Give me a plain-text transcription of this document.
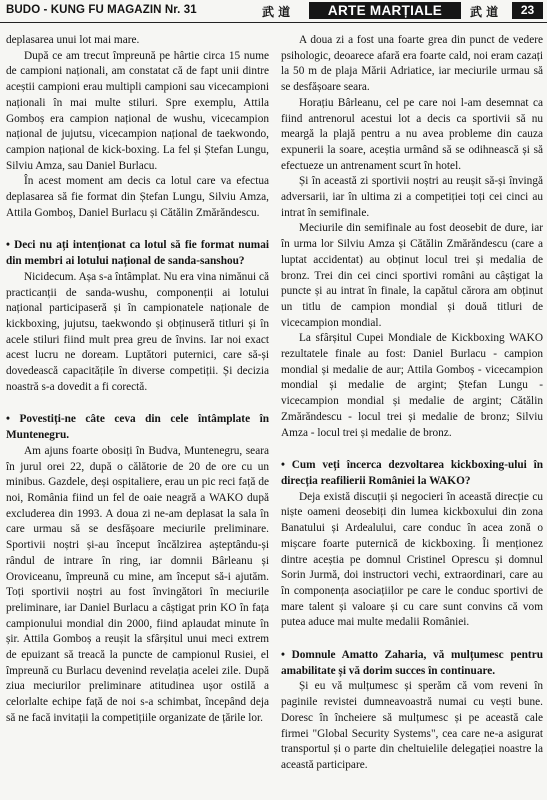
BUDO - KUNG FU MAGAZIN Nr. 31	武 道	ARTE MARȚIALE	武 道	23

deplasarea unui lot mai mare.

După ce am trecut împreună pe hârtie circa 15 nume de campioni naționali, am constatat că de fapt unii dintre aceștii campioni erau multipli campioni sau vicecampioni naționali în mai multe stiluri. Spre exemplu, Attila Gomboș era campion național de wushu, vicecampion național de jujutsu, vicecampion național de taekwondo, campion național de kick-boxing. La fel și Ștefan Lungu, Silviu Amza, sau Daniel Burlacu.

În acest moment am decis ca lotul care va efectua deplasarea să fie format din Ștefan Lungu, Silviu Amza, Attila Gomboș, Daniel Burlacu și Cătălin Zmărăndescu.

• Deci nu ați intenționat ca lotul să fie format numai din membri ai lotului național de sanda-sanshou?

Nicidecum. Așa s-a întâmplat. Nu era vina nimănui că practicanții de sanda-wushu, componenții ai lotului național participaseră și în campionatele naționale de kickboxing, jujutsu, taekwondo și obținuseră titluri și în acele stiluri fiind mult prea greu de învins. Iar noi exact acest lucru ne doream. Luptători puternici, care să-și dovedească capacitățile în diverse competiții. Și decizia noastră s-a dovedit a fi corectă.

• Povestiți-ne câte ceva din cele întâmplate în Muntenegru.

Am ajuns foarte obosiți în Budva, Muntenegru, seara în jurul orei 22, după o călătorie de 20 de ore cu un minibus. Gazdele, deși ospitaliere, erau un pic reci față de noi, România fiind un fel de oaie neagră a WAKO după excluderea din 1993. A doua zi ne-am deplasat la sala în care urmau să se desfășoare meciurile preliminare. Sportivii noștri și-au început încălzirea așteptându-și rândul de intrare în ring, iar domnii Bârleanu și Oroviceanu, împreună cu mine, am început să-i ajutăm. Toți sportivii noștri au fost învingători în meciurile preliminare, iar Daniel Burlacu a câștigat prin KO în fața campionului mondial din 2000, fiind aplaudat minute în șir. Attila Gomboș a reușit la sfârșitul unui meci extrem de epuizant să treacă la puncte de campionul Rusiei, el împreună cu Burlacu devenind revelația acelei zile. După ziua meciurilor preliminare atitudinea ușor ostilă a celorlalte echipe față de noi s-a schimbat, începând deja să ne facă invitații la competițiile organizate de țările lor.

A doua zi a fost una foarte grea din punct de vedere psihologic, deoarece afară era foarte cald, noi eram cazați la 50 m de plaja Mării Adriatice, iar meciurile urmau să se desfășoare seara.

Horațiu Bârleanu, cel pe care noi l-am desemnat ca fiind antrenorul acestui lot a decis ca sportivii să nu meargă la plajă pentru a nu avea probleme din cauza expunerii la soare, aceștia urmând să se odihnească și să efectueze un antrenament scurt în hotel.

Și în această zi sportivii noștri au reușit să-și învingă adversarii, iar în ultima zi a competiției toți cei cinci au intrat în semifinale.

Meciurile din semifinale au fost deosebit de dure, iar în urma lor Silviu Amza și Cătălin Zmărăndescu (care a luptat accidentat) au obținut locul trei și medalia de bronz. Trei din cei cinci sportivi români au câștigat la puncte și au intrat în finale, la capătul cărora am obținut un titlu de campion mondial și două titluri de vicecampion mondial.

La sfârșitul Cupei Mondiale de Kickboxing WAKO rezultatele finale au fost: Daniel Burlacu - campion mondial și medalie de aur; Attila Gomboș - vicecampion mondial și medalie de argint; Ștefan Lungu - vicecampion mondial și medalie de argint; Cătălin Zmărăndescu - locul trei și medalie de bronz; Silviu Amza - locul trei și medalie de bronz.

• Cum veți încerca dezvoltarea kickboxing-ului în direcția reafilierii României la WAKO?

Deja există discuții și negocieri în această direcție cu niște oameni deosebiți din lumea kickboxului din zona Banatului și Ardealului, care conduc în acea zonă o mișcare foarte puternică de kickboxing. Îi menționez dintre aceștia pe domnul Cristinel Oprescu și domnul Sorin Jurmă, doi instructori vechi, extraordinari, care au în componența asociațiilor pe care le conduc sportivi de mare talent și valoare și cu care sunt convins că vom putea aduce mai multe medalii României.

• Domnule Amatto Zaharia, vă mulțumesc pentru amabilitate și vă dorim succes în continuare.

Și eu vă mulțumesc și sperăm că vom reveni în paginile revistei dumneavoastră numai cu vești bune. Doresc în încheiere să mulțumesc și pe această cale firmei "Global Security Systems", cea care ne-a asigurat transportul și o parte din cheltuielile delegației noastre la această participare.
